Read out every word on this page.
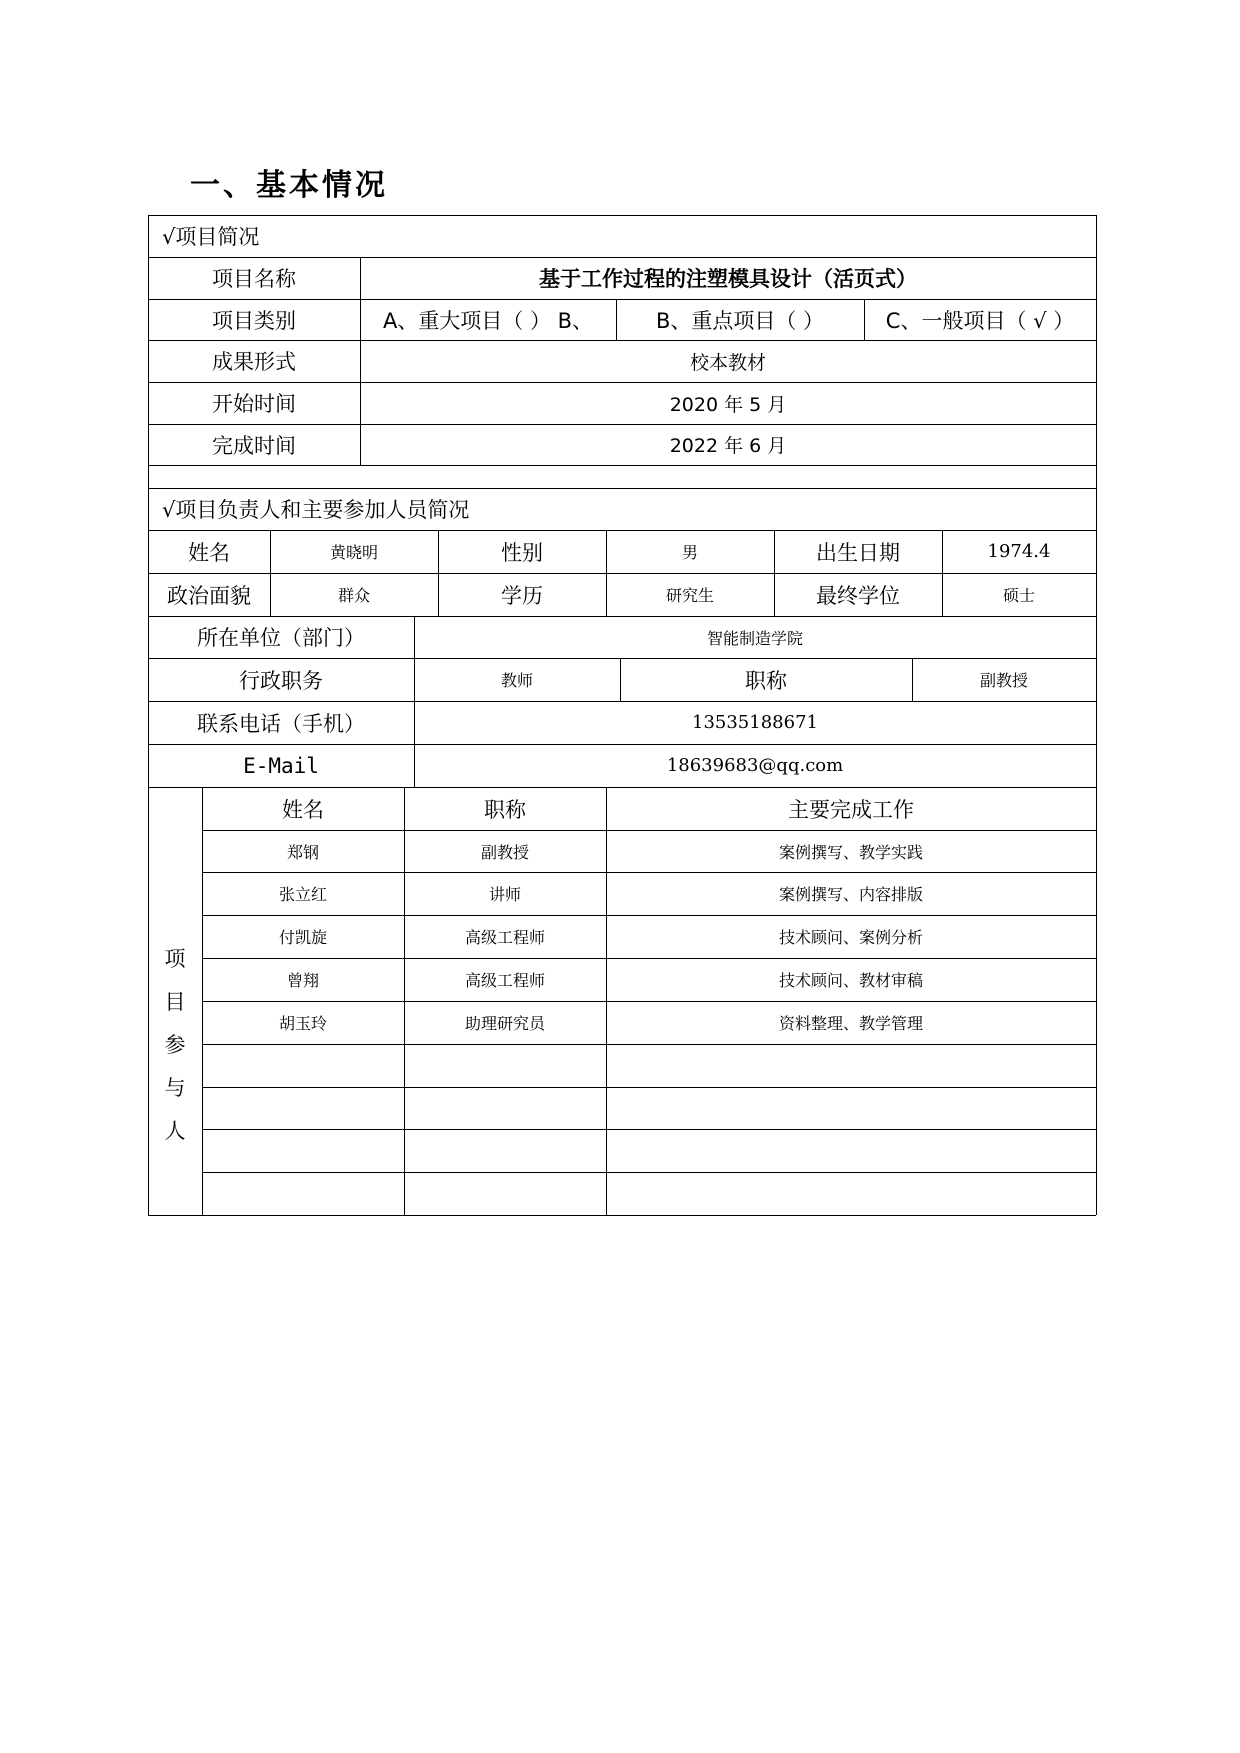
一、基本情况
√项目简况
项目名称	基于工作过程的注塑模具设计（活页式）
项目类别	A、重大项目（ ） B、	B、重点项目（ ）	C、一般项目（ √ ）
成果形式	校本教材
开始时间	2020 年 5 月
完成时间	2022 年 6 月
√项目负责人和主要参加人员简况
姓名	黄晓明	性别	男	出生日期	1974.4
政治面貌	群众	学历	研究生	最终学位	硕士
所在单位（部门）	智能制造学院
行政职务	教师	职称	副教授
联系电话（手机）	13535188671
E-Mail	18639683@qq.com
项
目
参
与
人
姓名	职称	主要完成工作
郑钢	副教授	案例撰写、教学实践
张立红	讲师	案例撰写、内容排版
付凯旋	高级工程师	技术顾问、案例分析
曾翔	高级工程师	技术顾问、教材审稿
胡玉玲	助理研究员	资料整理、教学管理
